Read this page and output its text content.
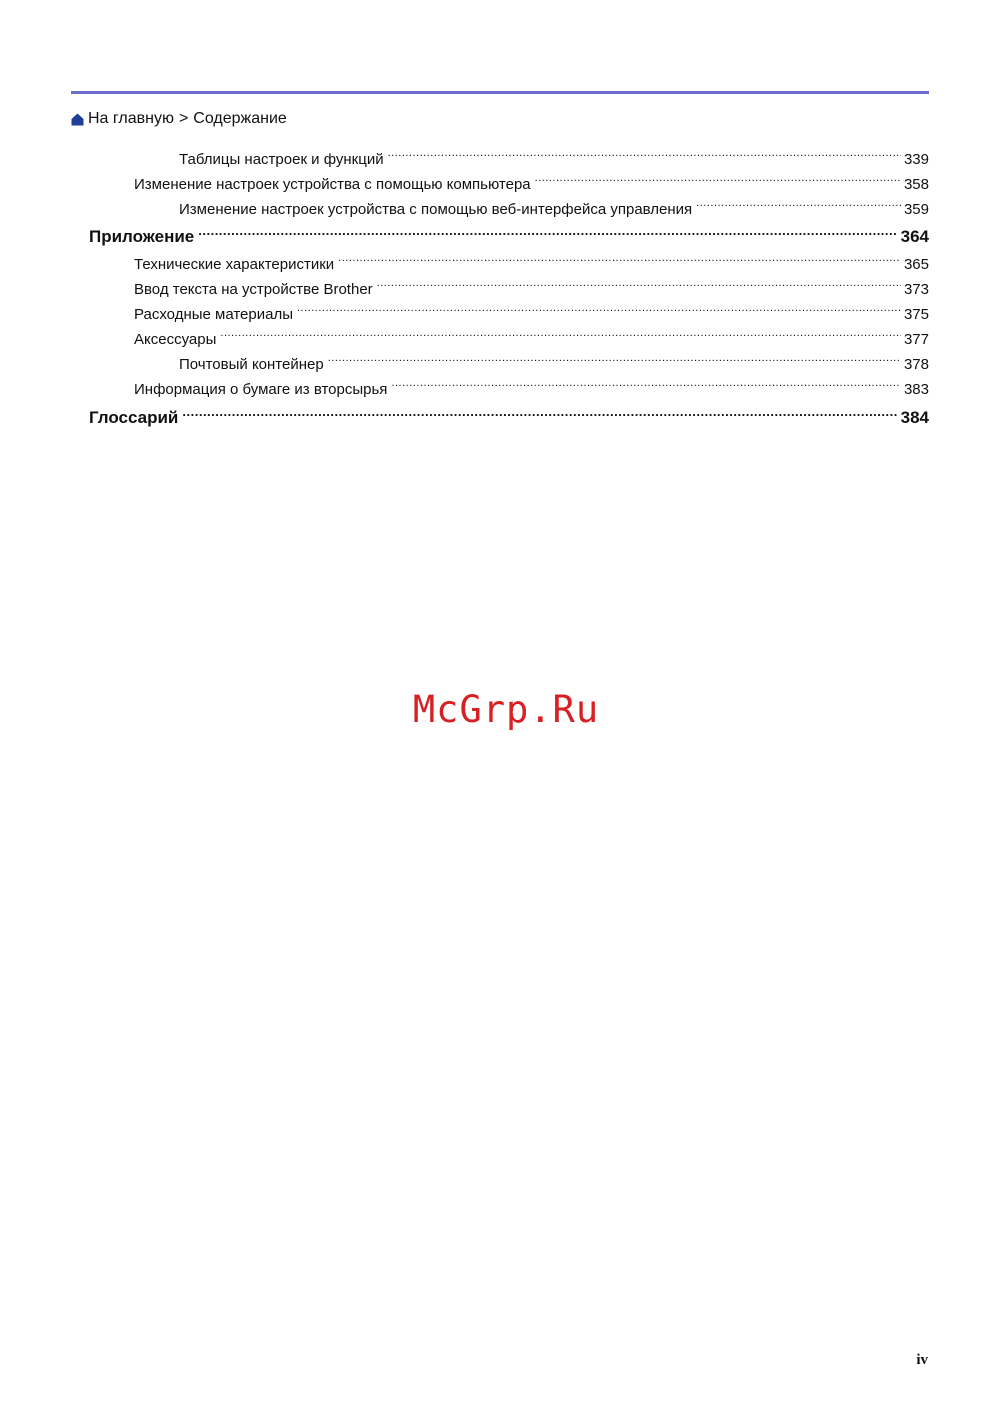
На главную > Содержание
Таблицы настроек и функций .....	339
Изменение настроек устройства с помощью компьютера .....	358
Изменение настроек устройства с помощью веб-интерфейса управления .....	359
Приложение .....	364
Технические характеристики .....	365
Ввод текста на устройстве Brother .....	373
Расходные материалы .....	375
Аксессуары .....	377
Почтовый контейнер .....	378
Информация о бумаге из вторсырья .....	383
Глоссарий .....	384
McGrp.Ru
iv
